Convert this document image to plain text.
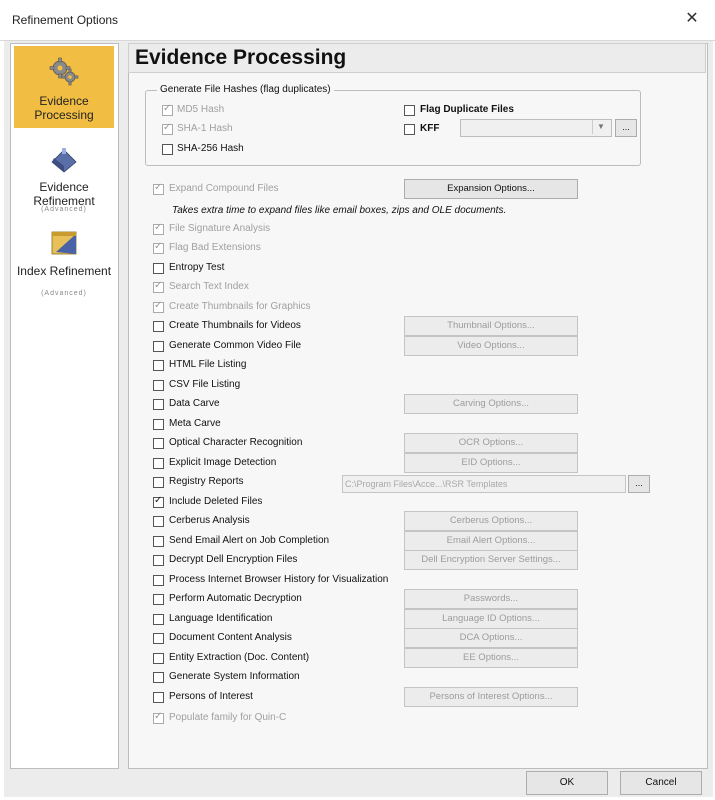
Refinement Options	✕
Evidence Processing
Evidence Refinement
(Advanced)
Index Refinement
(Advanced)
Evidence Processing
Generate File Hashes (flag duplicates)
✓ MD5 Hash
✓ SHA-1 Hash
SHA-256 Hash
Flag Duplicate Files
KFF	▼	...
✓ Expand Compound Files	Expansion Options...
Takes extra time to expand files like email boxes, zips and OLE documents.
✓ File Signature Analysis
✓ Flag Bad Extensions
Entropy Test
✓ Search Text Index
✓ Create Thumbnails for Graphics
Create Thumbnails for Videos	Thumbnail Options...
Generate Common Video File	Video Options...
HTML File Listing
CSV File Listing
Data Carve	Carving Options...
Meta Carve
Optical Character Recognition	OCR Options...
Explicit Image Detection	EID Options...
Registry Reports	C:\Program Files\Acce...\RSR Templates	...
✓ Include Deleted Files
Cerberus Analysis	Cerberus Options...
Send Email Alert on Job Completion	Email Alert Options...
Decrypt Dell Encryption Files	Dell Encryption Server Settings...
Process Internet Browser History for Visualization
Perform Automatic Decryption	Passwords...
Language Identification	Language ID Options...
Document Content Analysis	DCA Options...
Entity Extraction (Doc. Content)	EE Options...
Generate System Information
Persons of Interest	Persons of Interest Options...
✓ Populate family for Quin-C
OK	Cancel
